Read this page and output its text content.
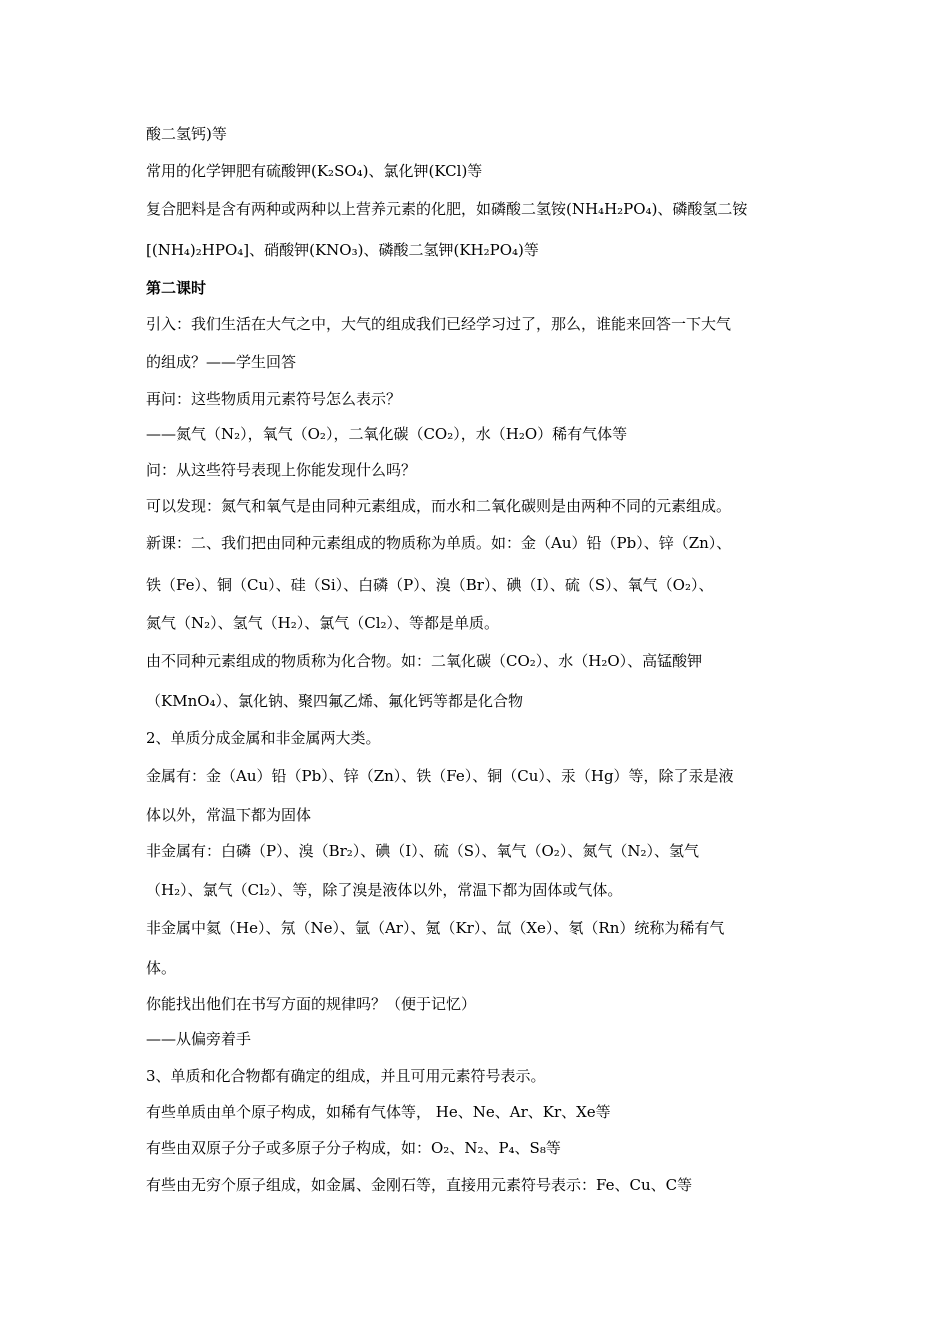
酸二氢钙)等

常用的化学钾肥有硫酸钾(K₂SO₄)、氯化钾(KCl)等

复合肥料是含有两种或两种以上营养元素的化肥，如磷酸二氢铵(NH₄H₂PO₄)、磷酸氢二铵

[(NH₄)₂HPO₄]、硝酸钾(KNO₃)、磷酸二氢钾(KH₂PO₄)等

第二课时

引入：我们生活在大气之中，大气的组成我们已经学习过了，那么，谁能来回答一下大气

的组成？——学生回答

再问：这些物质用元素符号怎么表示？

——氮气（N₂），氧气（O₂），二氧化碳（CO₂），水（H₂O）稀有气体等

问：从这些符号表现上你能发现什么吗？

可以发现：氮气和氧气是由同种元素组成，而水和二氧化碳则是由两种不同的元素组成。

新课：二、我们把由同种元素组成的物质称为单质。如：金（Au）铅（Pb）、锌（Zn）、

铁（Fe）、铜（Cu）、硅（Si）、白磷（P）、溴（Br）、碘（I）、硫（S）、氧气（O₂）、

氮气（N₂）、氢气（H₂）、氯气（Cl₂）、等都是单质。

由不同种元素组成的物质称为化合物。如：二氧化碳（CO₂）、水（H₂O）、高锰酸钾

（KMnO₄）、氯化钠、聚四氟乙烯、氟化钙等都是化合物

2、单质分成金属和非金属两大类。

金属有：金（Au）铅（Pb）、锌（Zn）、铁（Fe）、铜（Cu）、汞（Hg）等，除了汞是液

体以外，常温下都为固体

非金属有：白磷（P）、溴（Br₂）、碘（I）、硫（S）、氧气（O₂）、氮气（N₂）、氢气

（H₂）、氯气（Cl₂）、等，除了溴是液体以外，常温下都为固体或气体。

非金属中氦（He）、氖（Ne）、氩（Ar）、氪（Kr）、氙（Xe）、氡（Rn）统称为稀有气

体。

你能找出他们在书写方面的规律吗？（便于记忆）

——从偏旁着手

3、单质和化合物都有确定的组成，并且可用元素符号表示。

有些单质由单个原子构成，如稀有气体等， He、Ne、Ar、Kr、Xe等

有些由双原子分子或多原子分子构成，如：O₂、N₂、P₄、S₈等

有些由无穷个原子组成，如金属、金刚石等，直接用元素符号表示：Fe、Cu、C等
